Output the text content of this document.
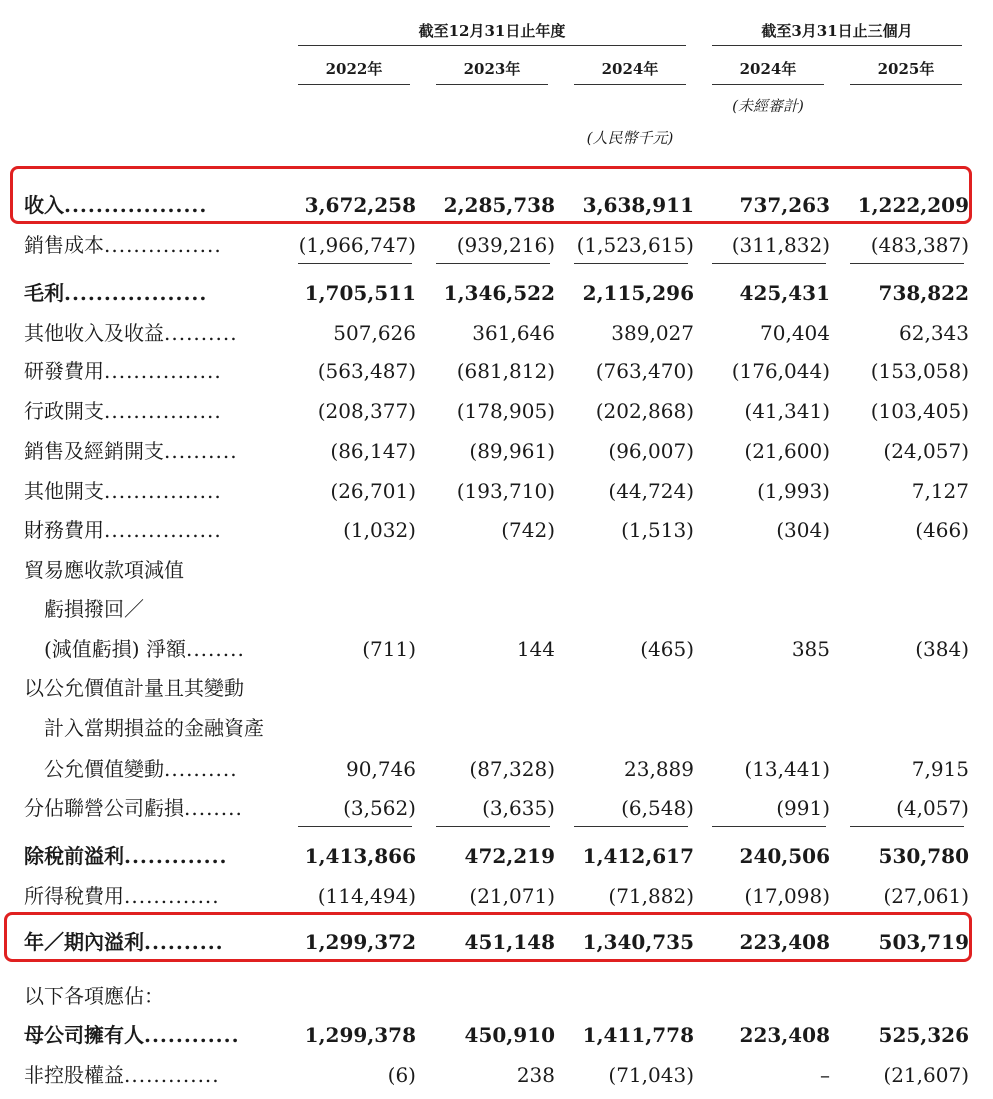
截至12月31日止年度	截至3月31日止三個月
2022年	2023年	2024年	2024年	2025年
(未經審計)
(人民幣千元)
收入..................	3,672,258 2,285,738 3,638,911 737,263 1,222,209
銷售成本................	(1,966,747) (939,216) (1,523,615) (311,832) (483,387)
毛利..................	1,705,511 1,346,522 2,115,296 425,431 738,822
其他收入及收益..........	507,626	361,646	389,027	70,404	62,343
研發費用................	(563,487) (681,812) (763,470) (176,044) (153,058)
行政開支................	(208,377) (178,905) (202,868)	(41,341) (103,405)
銷售及經銷開支..........	(86,147)	(89,961)	(96,007)	(21,600)	(24,057)
其他開支................	(26,701) (193,710)	(44,724)	(1,993)	7,127
財務費用................	(1,032)	(742)	(1,513)	(304)	(466)
貿易應收款項減值
虧損撥回／
(減值虧損) 淨額........	(711)	144	(465)	385	(384)
以公允價值計量且其變動
計入當期損益的金融資產
公允價值變動..........	90,746	(87,328)	23,889	(13,441)	7,915
分佔聯營公司虧損........	(3,562)	(3,635)	(6,548)	(991)	(4,057)
除稅前溢利.............	1,413,866 472,219 1,412,617 240,506 530,780
所得稅費用.............	(114,494)	(21,071)	(71,882)	(17,098)	(27,061)
年／期內溢利..........	1,299,372 451,148 1,340,735 223,408 503,719
以下各項應佔：
母公司擁有人............	1,299,378 450,910 1,411,778 223,408 525,326
非控股權益.............	(6)	238	(71,043)	–	(21,607)
